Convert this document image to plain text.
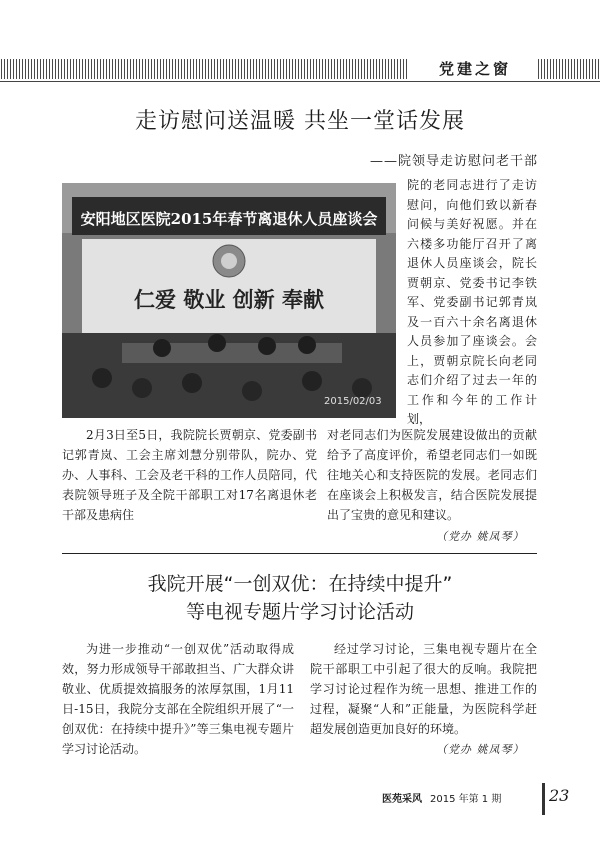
党建之窗
走访慰问送温暖 共坐一堂话发展
——院领导走访慰问老干部
安阳地区医院2015年春节离退休人员座谈会
仁爱 敬业 创新 奉献
2015/02/03
院的老同志进行了走访慰问，向他们致以新春问候与美好祝愿。并在六楼多功能厅召开了离退休人员座谈会，院长贾朝京、党委书记李铁军、党委副书记郭青岚及一百六十余名离退休人员参加了座谈会。会上，贾朝京院长向老同志们介绍了过去一年的工作和今年的工作计划，
2月3日至5日，我院院长贾朝京、党委副书记郭青岚、工会主席刘慧分别带队，院办、党办、人事科、工会及老干科的工作人员陪同，代表院领导班子及全院干部职工对17名离退休老干部及患病住
对老同志们为医院发展建设做出的贡献给予了高度评价，希望老同志们一如既往地关心和支持医院的发展。老同志们在座谈会上积极发言，结合医院发展提出了宝贵的意见和建议。
（党办 姚凤琴）
我院开展“一创双优：在持续中提升”
等电视专题片学习讨论活动
为进一步推动“一创双优”活动取得成效，努力形成领导干部敢担当、广大群众讲敬业、优质提效搞服务的浓厚氛围，1月11日-15日，我院分支部在全院组织开展了“一创双优：在持续中提升》”等三集电视专题片学习讨论活动。
经过学习讨论，三集电视专题片在全院干部职工中引起了很大的反响。我院把学习讨论过程作为统一思想、推进工作的过程，凝聚“人和”正能量，为医院科学赶超发展创造更加良好的环境。
（党办 姚凤琴）
医苑采风 2015 年第 1 期	23
